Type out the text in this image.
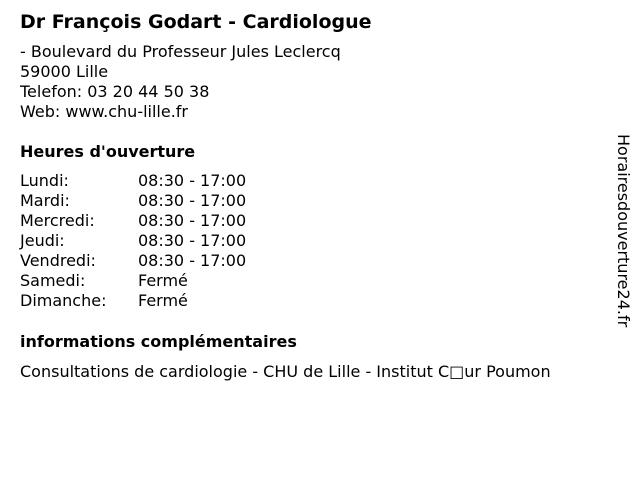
Dr François Godart - Cardiologue
- Boulevard du Professeur Jules Leclercq
59000 Lille
Telefon: 03 20 44 50 38
Web: www.chu-lille.fr
Heures d'ouverture
Lundi:	08:30 - 17:00
Mardi:	08:30 - 17:00
Mercredi:	08:30 - 17:00
Jeudi:	08:30 - 17:00
Vendredi:	08:30 - 17:00
Samedi:	Fermé
Dimanche:	Fermé
informations complémentaires
Consultations de cardiologie - CHU de Lille - Institut C□ur Poumon
Horairesdouverture24.fr
